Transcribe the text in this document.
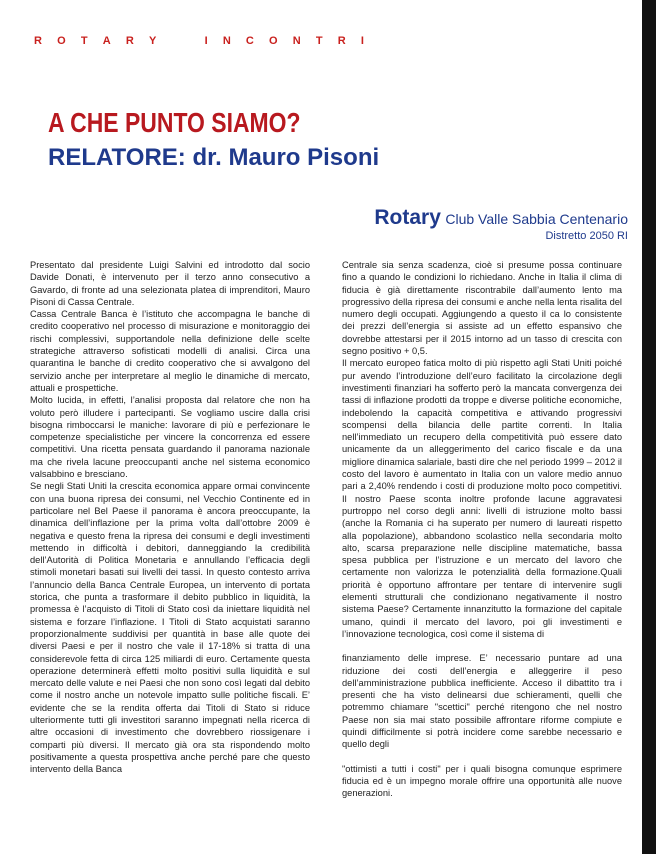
R O T A R Y	I N C O N T R I
A CHE PUNTO SIAMO?
RELATORE: dr. Mauro Pisoni
Rotary Club Valle Sabbia Centenario
Distretto 2050 RI

Presentato dal presidente Luigi Salvini ed introdotto dal socio Davide Donati, è intervenuto per il terzo anno consecutivo a Gavardo, di fronte ad una selezionata platea di imprenditori, Mauro Pisoni di Cassa Centrale.

Cassa Centrale Banca è l’istituto che accompagna le banche di credito cooperativo nel processo di misurazione e monitoraggio dei rischi complessivi, supportandole nella definizione delle scelte strategiche attraverso sofisticati modelli di analisi. Circa una quarantina le banche di credito cooperativo che si avvalgono del servizio anche per interpretare al meglio le dinamiche di mercato, attuali e prospettiche.

Molto lucida, in effetti, l’analisi proposta dal relatore che non ha voluto però illudere i partecipanti. Se vogliamo uscire dalla crisi bisogna rimboccarsi le maniche: lavorare di più e perfezionare le competenze specialistiche per vincere la concorrenza ed essere competitivi. Una ricetta pensata guardando il panorama nazionale ma che rivela lacune preoccupanti anche nel sistema economico valsabbino e bresciano.

Se negli Stati Uniti la crescita economica appare ormai convincente con una buona ripresa dei consumi, nel Vecchio Continente ed in particolare nel Bel Paese il panorama è ancora preoccupante, la dinamica dell’inflazione per la prima volta dall’ottobre 2009 è negativa e questo frena la ripresa dei consumi e degli investimenti mettendo in difficoltà i debitori, danneggiando la credibilità dell’Autorità di Politica Monetaria e annullando l’efficacia degli stimoli monetari basati sui livelli dei tassi. In questo contesto arriva l’annuncio della Banca Centrale Europea, un intervento di portata storica, che punta a trasformare il debito pubblico in liquidità, la promessa è l’acquisto di Titoli di Stato così da iniettare liquidità nel sistema e forzare l’inflazione. I Titoli di Stato acquistati saranno proporzionalmente suddivisi per quantità in base alle quote dei diversi Paesi e per il nostro che vale il 17-18% si tratta di una considerevole fetta di circa 125 miliardi di euro. Certamente questa operazione determinerà effetti molto positivi sulla liquidità e sul mercato delle valute e nei Paesi che non sono così legati dal debito come il nostro anche un notevole impatto sulle politiche fiscali. E’ evidente che se la rendita offerta dai Titoli di Stato si riduce ulteriormente tutti gli investitori saranno impegnati nella ricerca di altre occasioni di investimento che dovrebbero riossigenare i comparti più diversi. Il mercato già ora sta rispondendo molto positivamente a questa prospettiva anche perché pare che questo intervento della Banca

Centrale sia senza scadenza, cioè si presume possa continuare fino a quando le condizioni lo richiedano. Anche in Italia il clima di fiducia è già direttamente riscontrabile dall’aumento lento ma progressivo della ripresa dei consumi e anche nella lenta risalita del numero degli occupati. Aggiungendo a questo il ca lo consistente dei prezzi dell’energia si assiste ad un effetto espansivo che dovrebbe attestarsi per il 2015 intorno ad un tasso di crescita con segno positivo + 0,5.

Il mercato europeo fatica molto di più rispetto agli Stati Uniti poiché pur avendo l’introduzione dell’euro facilitato la circolazione degli investimenti finanziari ha sofferto però la mancata convergenza dei tassi di inflazione prodotti da troppe e diverse politiche economiche, indebolendo la capacità competitiva e attivando progressivi scompensi della bilancia delle partite correnti. In Italia nell’immediato un recupero della competitività può essere dato unicamente da un alleggerimento del carico fiscale e da una migliore dinamica salariale, basti dire che nel periodo 1999 – 2012 il costo del lavoro è aumentato in Italia con un valore medio annuo pari a 2,40% rendendo i costi di produzione molto poco competitivi. Il nostro Paese sconta inoltre profonde lacune aggravatesi purtroppo nel corso degli anni: livelli di istruzione molto bassi (anche la Romania ci ha superato per numero di laureati rispetto alla popolazione), abbandono scolastico nella secondaria molto alto, scarsa preparazione nelle discipline matematiche, bassa spesa pubblica per l’istruzione e un mercato del lavoro che certamente non valorizza le potenzialità della formazione.Quali priorità è opportuno affrontare per tentare di intervenire sugli elementi strutturali che condizionano negativamente il nostro sistema Paese? Certamente innanzitutto la formazione del capitale umano, quindi il mercato del lavoro, poi gli investimenti e l’innovazione tecnologica, così come il sistema di

finanziamento delle imprese. E’ necessario puntare ad una riduzione dei costi dell’energia e alleggerire il peso dell’amministrazione pubblica inefficiente. Acceso il dibattito tra i presenti che ha visto delinearsi due schieramenti, quelli che potremmo chiamare "scettici" perché ritengono che nel nostro Paese non sia mai stato possibile affrontare riforme compiute e quindi difficilmente si potrà incidere come sarebbe necessario e quello degli

"ottimisti a tutti i costi" per i quali bisogna comunque esprimere fiducia ed è un impegno morale offrire una opportunità alle nuove generazioni.
